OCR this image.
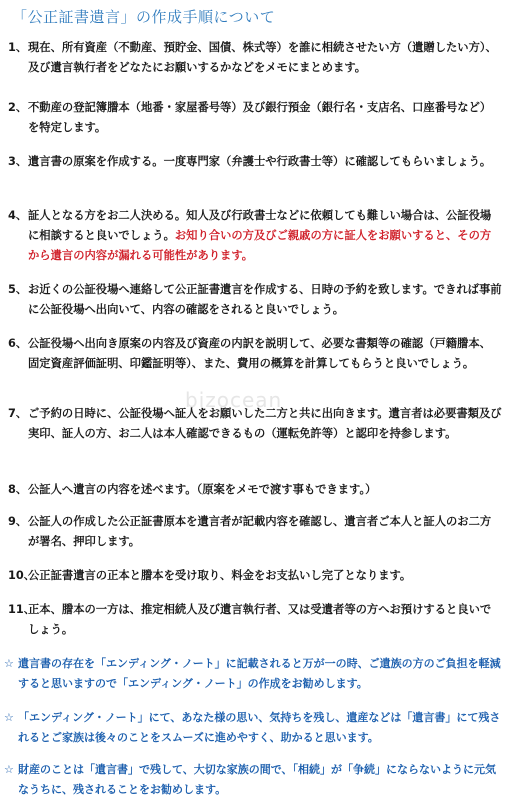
「公正証書遺言」の作成手順について
bizocean
1、 現在、所有資産（不動産、預貯金、国債、株式等）を誰に相続させたい方（遺贈したい方）、及び遺言執行者をどなたにお願いするかなどをメモにまとめます。
2、 不動産の登記簿謄本（地番・家屋番号等）及び銀行預金（銀行名・支店名、口座番号など）を特定します。
3、 遺言書の原案を作成する。一度専門家（弁護士や行政書士等）に確認してもらいましょう。
4、 証人となる方をお二人決める。知人及び行政書士などに依頼しても難しい場合は、公証役場に相談すると良いでしょう。お知り合いの方及びご親戚の方に証人をお願いすると、その方から遺言の内容が漏れる可能性があります。
5、 お近くの公証役場へ連絡して公正証書遺言を作成する、日時の予約を致します。できれば事前に公証役場へ出向いて、内容の確認をされると良いでしょう。
6、 公証役場へ出向き原案の内容及び資産の内訳を説明して、必要な書類等の確認（戸籍謄本、固定資産評価証明、印鑑証明等）、また、費用の概算を計算してもらうと良いでしょう。
7、 ご予約の日時に、公証役場へ証人をお願いした二方と共に出向きます。遺言者は必要書類及び実印、証人の方、お二人は本人確認できるもの（運転免許等）と認印を持参します。
8、 公証人へ遺言の内容を述べます。（原案をメモで渡す事もできます。）
9、 公証人の作成した公正証書原本を遺言者が記載内容を確認し、遺言者ご本人と証人のお二方が署名、押印します。
10、
公正証書遺言の正本と謄本を受け取り、料金をお支払いし完了となります。
11、
正本、謄本の一方は、推定相続人及び遺言執行者、又は受遺者等の方へお預けすると良いでしょう。
☆ 遺言書の存在を「エンディング・ノート」に記載されると万が一の時、ご遺族の方のご負担を軽減すると思いますので「エンディング・ノート」の作成をお勧めします。
☆ 「エンディング・ノート」にて、あなた様の思い、気持ちを残し、遺産などは「遺言書」にて残されるとご家族は後々のことをスムーズに進めやすく、助かると思います。
☆ 財産のことは「遺言書」で残して、大切な家族の間で、「相続」が「争続」にならないように元気なうちに、残されることをお勧めします。
